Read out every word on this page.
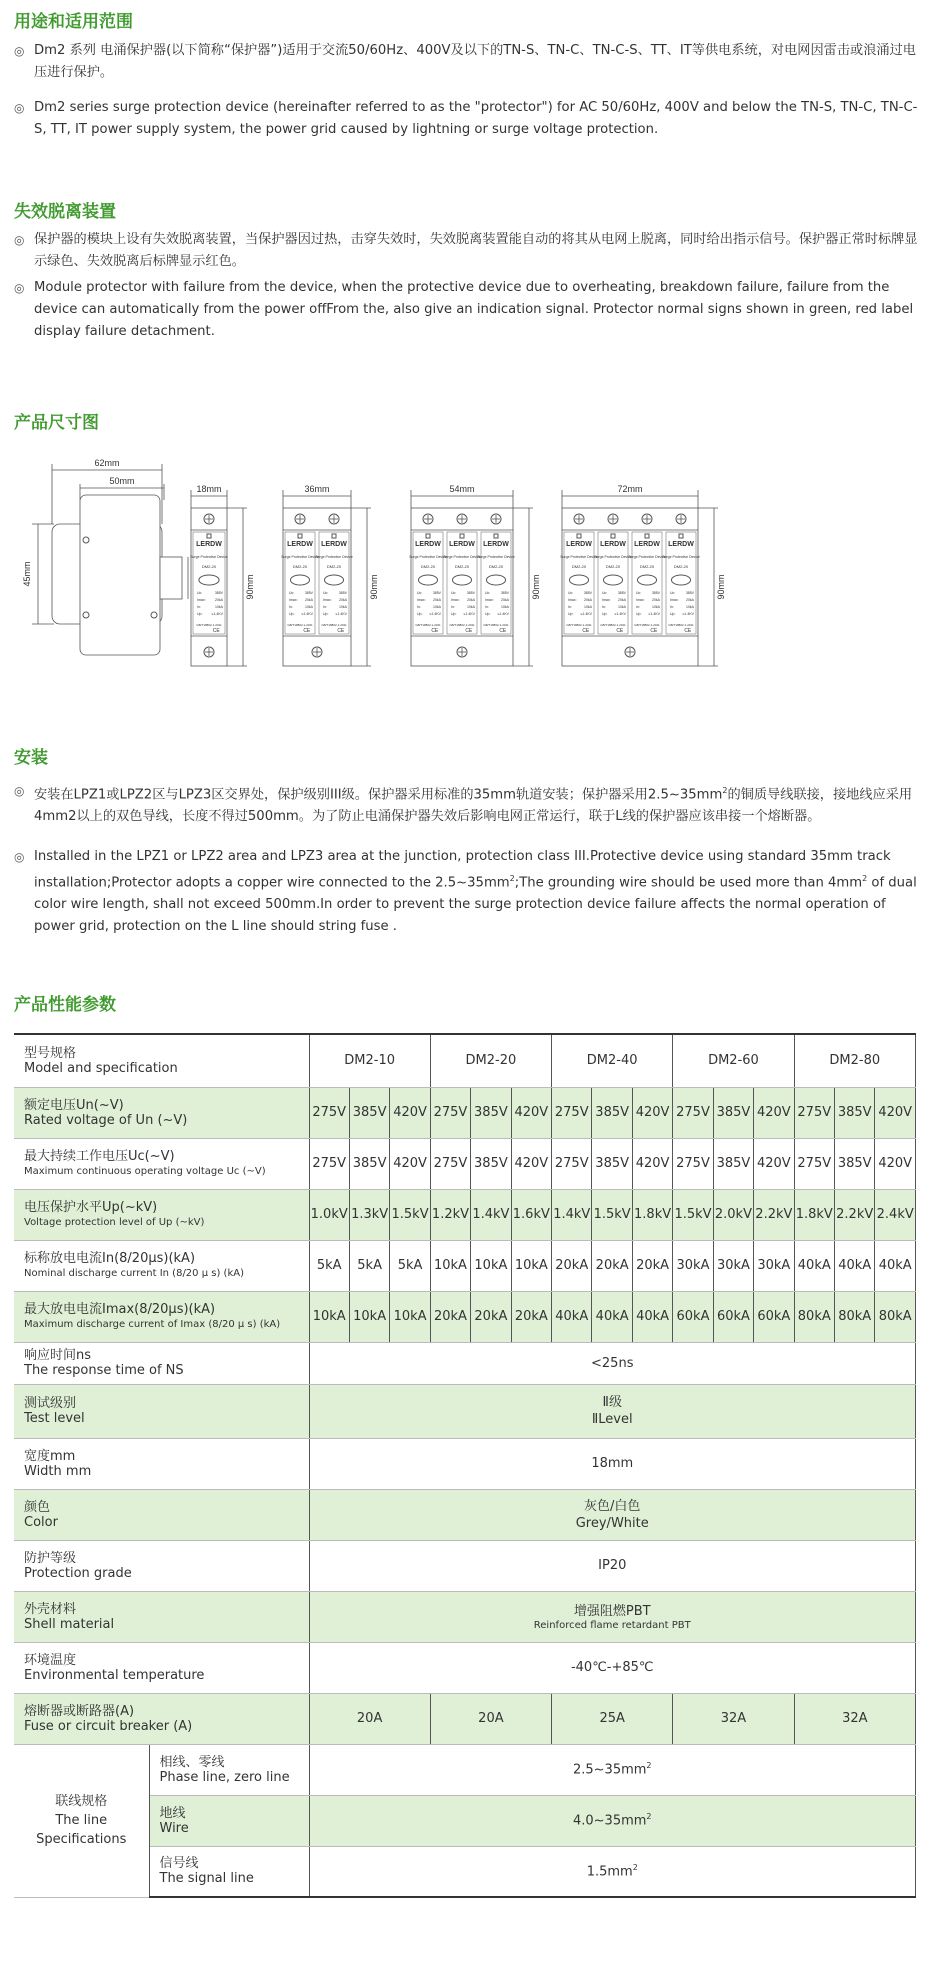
用途和适用范围
◎ Dm2 系列 电涌保护器(以下简称“保护器”)适用于交流50/60Hz、400V及以下的TN-S、TN-C、TN-C-S、TT、IT等供电系统，对电网因雷击或浪涌过电压进行保护。
◎ Dm2 series surge protection device (hereinafter referred to as the "protector") for AC 50/60Hz, 400V and below the TN-S, TN-C, TN-C-S, TT, IT power supply system, the power grid caused by lightning or surge voltage protection.
失效脱离装置
◎ 保护器的模块上设有失效脱离装置，当保护器因过热，击穿失效时，失效脱离装置能自动的将其从电网上脱离，同时给出指示信号。保护器正常时标牌显示绿色、失效脱离后标牌显示红色。
◎ Module protector with failure from the device, when the protective device due to overheating, breakdown failure, failure from the device can automatically from the power offFrom the, also give an indication signal. Protector normal signs shown in green, red label display failure detachment.
产品尺寸图
62mm
50mm
45mm
18mm
90mm
LERDW
Surge Protective Device
DM2-20
Uc:	385V
Imax:	20kA
In:	10kA
Up:	≤1.4KV
GB/T18802.1-2011
CE
36mm
90mm
LERDW
Surge Protective Device
DM2-20
Uc:	385V
Imax: 20kA
In:	10kA
Up: ≤1.4KV
GB/T18802.1-2011
CE
LERDW
Surge Protective Device
DM2-20
Uc:	385V
Imax: 20kA
In:	10kA
Up: ≤1.4KV
GB/T18802.1-2011
CE
54mm
90mm
LERDW
Surge Protective Device
DM2-20
Uc:	385V
Imax: 20kA
In:	10kA
Up: ≤1.4KV
GB/T18802.1-2011
CE
LERDW
Surge Protective Device
DM2-20
Uc:	385V
Imax: 20kA
In:	10kA
Up: ≤1.4KV
GB/T18802.1-2011
CE
LERDW
Surge Protective Device
DM2-20
Uc:	385V
Imax: 20kA
In:	10kA
Up: ≤1.4KV
GB/T18802.1-2011
CE
72mm
90mm
LERDW
Surge Protective Device
DM2-20
Uc:	385V
Imax: 20kA
In:	10kA
Up: ≤1.4KV
GB/T18802.1-2011
CE
LERDW
Surge Protective Device
DM2-20
Uc:	385V
Imax: 20kA
In:	10kA
Up: ≤1.4KV
GB/T18802.1-2011
CE
LERDW
Surge Protective Device
DM2-20
Uc:	385V
Imax: 20kA
In:	10kA
Up: ≤1.4KV
GB/T18802.1-2011
CE
LERDW
Surge Protective Device
DM2-20
Uc:	385V
Imax: 20kA
In:	10kA
Up: ≤1.4KV
GB/T18802.1-2011
CE
安装
◎ 安装在LPZ1或LPZ2区与LPZ3区交界处，保护级别III级。保护器采用标准的35mm轨道安装；保护器采用$2.5\sim 35mm^2$的铜质导线联接，接地线应采用4mm2以上的双色导线，长度不得过500mm。为了防止电涌保护器失效后影响电网正常运行，联于L线的保护器应该串接一个熔断器。
◎ Installed in the LPZ1 or LPZ2 area and LPZ3 area at the junction, protection class III.Protective device using standard 35mm track installation;Protector adopts a copper wire connected to the $2.5\sim 35mm^2;The$ grounding wire should be used more than $4mm^2$ of dual color wire length, shall not exceed 500mm.In order to prevent the surge protection device failure affects the normal operation of power grid, protection on the L line should string fuse .
产品性能参数
型号规格
Model and specification		DM2-10			DM2-20			DM2-40			DM2-60			DM2-80		

额定电压Un(~V)
Rated voltage of Un (~V)		275V	385V	420V	275V	385V	420V	275V	385V	420V	275V	385V	420V	275V	385V	420V

最大持续工作电压Uc(~V)
Maximum continuous operating voltage Uc (~V)		275V	385V	420V	275V	385V	420V	275V	385V	420V	275V	385V	420V	275V	385V	420V

电压保护水平Up(~kV)
Voltage protection level of Up (~kV)		1.0kV	1.3kV	1.5kV	1.2kV	1.4kV	1.6kV	1.4kV	1.5kV	1.8kV	1.5kV	2.0kV	2.2kV	1.8kV	2.2kV	2.4kV

标称放电电流In(8/20μs)(kA)
Nominal discharge current In (8/20 μ s) (kA)		5kA	5kA	5kA	10kA	10kA	10kA	20kA	20kA	20kA	30kA	30kA	30kA	40kA	40kA	40kA

最大放电电流Imax(8/20μs)(kA)
Maximum discharge current of Imax (8/20 μ s) (kA)		10kA	10kA	10kA	20kA	20kA	20kA	40kA	40kA	40kA	60kA	60kA	60kA	80kA	80kA	80kA

响应时间ns
The response time of NS		<25ns														

测试级别
Test level		Ⅱ级
ⅡLevel														

宽度mm
Width mm		18mm														

颜色
Color		灰色/白色
Grey/White														

防护等级
Protection grade		IP20														

外壳材料
Shell material		增强阻燃PBT
Reinforced flame retardant PBT														

环境温度
Environmental temperature		-40℃-+85℃														

熔断器或断路器(A)
Fuse or circuit breaker (A)		20A			20A			25A			32A			32A		

联线规格
The line
Specifications	相线、零线
Phase line, zero line	$2.5\sim 35mm^2$

	地线
Wire	$4.0\sim 35mm^2$

	信号线
The signal line	$1.5mm^2$
